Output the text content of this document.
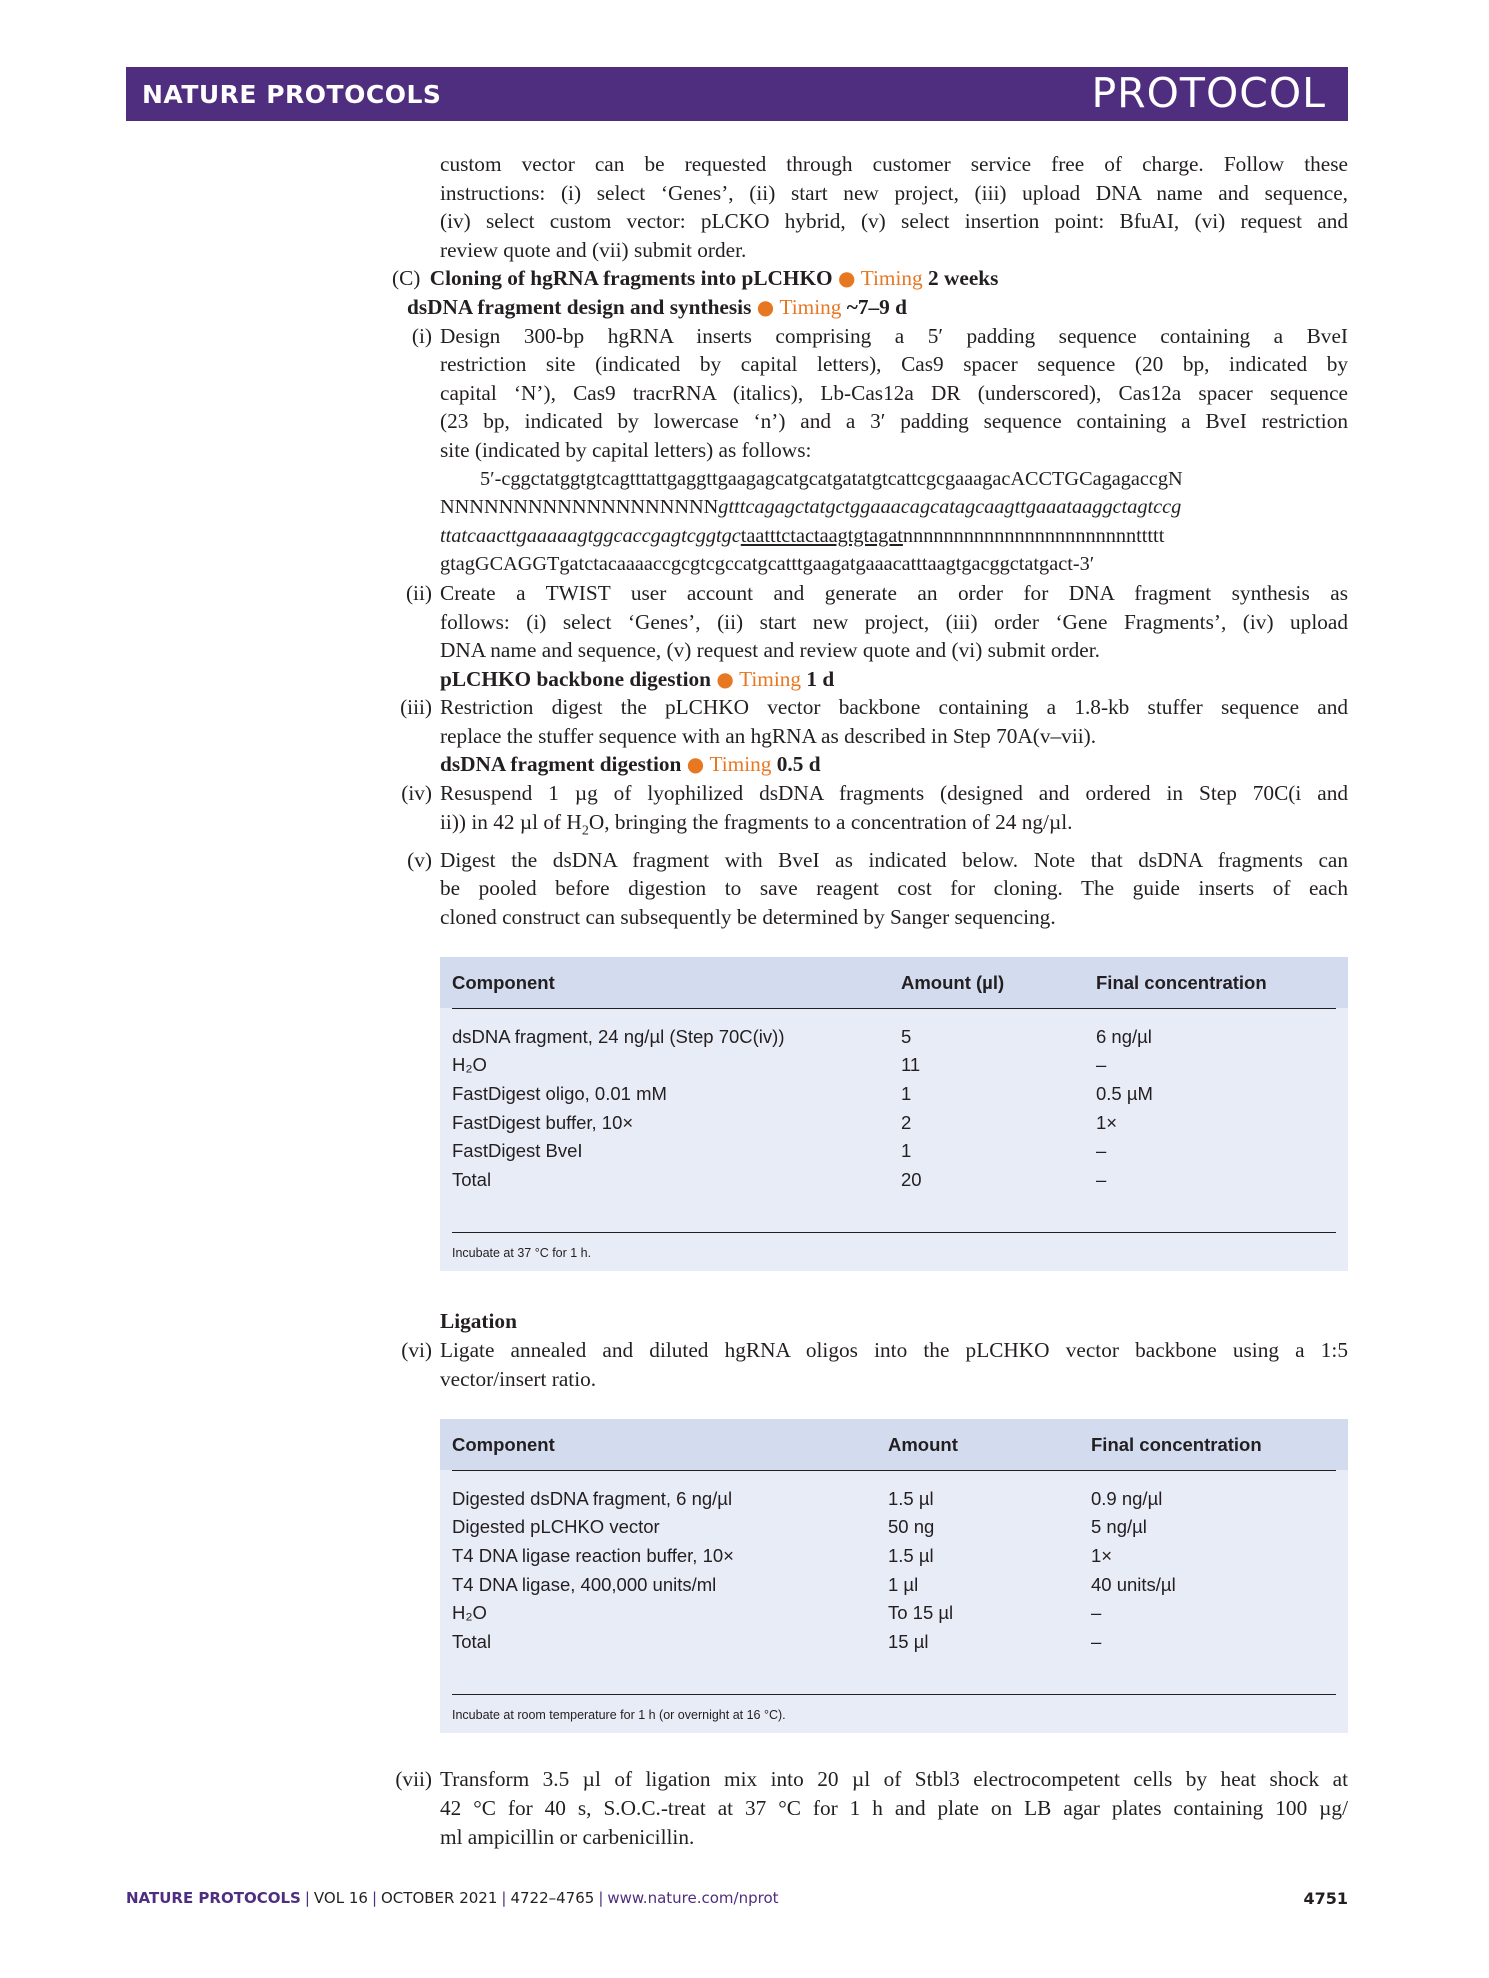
NATURE PROTOCOLS	PROTOCOL
custom vector can be requested through customer service free of charge. Follow these
instructions: (i) select ‘Genes’, (ii) start new project, (iii) upload DNA name and sequence,
(iv) select custom vector: pLCKO hybrid, (v) select insertion point: BfuAI, (vi) request and
review quote and (vii) submit order.
(C) Cloning of hgRNA fragments into pLCHKO ● Timing 2 weeks
dsDNA fragment design and synthesis ● Timing ~7–9 d
(i) Design 300-bp hgRNA inserts comprising a 5′ padding sequence containing a BveI
restriction site (indicated by capital letters), Cas9 spacer sequence (20 bp, indicated by
capital ‘N’), Cas9 tracrRNA (italics), Lb-Cas12a DR (underscored), Cas12a spacer sequence
(23 bp, indicated by lowercase ‘n’) and a 3′ padding sequence containing a BveI restriction
site (indicated by capital letters) as follows:
5′-cggctatggtgtcagtttattgaggttgaagagcatgcatgatatgtcattcgcgaaagacACCTGCagagaccgN
NNNNNNNNNNNNNNNNNNNgtttcagagctatgctggaaacagcatagcaagttgaaataaggctagtccg
ttatcaacttgaaaaagtggcaccgagtcggtgctaatttctactaagtgtagatnnnnnnnnnnnnnnnnnnnnnnnttttt
gtagGCAGGTgatctacaaaaccgcgtcgccatgcatttgaagatgaaacatttaagtgacggctatgact-3′
(ii) Create a TWIST user account and generate an order for DNA fragment synthesis as
follows: (i) select ‘Genes’, (ii) start new project, (iii) order ‘Gene Fragments’, (iv) upload
DNA name and sequence, (v) request and review quote and (vi) submit order.
pLCHKO backbone digestion ● Timing 1 d
(iii) Restriction digest the pLCHKO vector backbone containing a 1.8-kb stuffer sequence and
replace the stuffer sequence with an hgRNA as described in Step 70A(v–vii).
dsDNA fragment digestion ● Timing 0.5 d
(iv) Resuspend 1 µg of lyophilized dsDNA fragments (designed and ordered in Step 70C(i and
ii)) in 42 µl of $H_2O$, bringing the fragments to a concentration of 24 ng/µl.
(v) Digest the dsDNA fragment with BveI as indicated below. Note that dsDNA fragments can
be pooled before digestion to save reagent cost for cloning. The guide inserts of each
cloned construct can subsequently be determined by Sanger sequencing.
Component	Amount (µl)	Final concentration
dsDNA fragment, 24 ng/µl (Step 70C(iv))	5	6 ng/µl
H₂O	11	–
FastDigest oligo, 0.01 mM	1	0.5 µM
FastDigest buffer, 10×	2	1×
FastDigest BveI	1	–
Total	20	–
Incubate at 37 °C for 1 h.
Ligation
(vi) Ligate annealed and diluted hgRNA oligos into the pLCHKO vector backbone using a 1:5
vector/insert ratio.
Component	Amount	Final concentration
Digested dsDNA fragment, 6 ng/µl	1.5 µl	0.9 ng/µl
Digested pLCHKO vector	50 ng	5 ng/µl
T4 DNA ligase reaction buffer, 10×	1.5 µl	1×
T4 DNA ligase, 400,000 units/ml	1 µl	40 units/µl
H₂O	To 15 µl	–
Total	15 µl	–
Incubate at room temperature for 1 h (or overnight at 16 °C).
(vii) Transform 3.5 µl of ligation mix into 20 µl of Stbl3 electrocompetent cells by heat shock at
42 °C for 40 s, S.O.C.-treat at 37 °C for 1 h and plate on LB agar plates containing 100 µg/
ml ampicillin or carbenicillin.
NATURE PROTOCOLS | VOL 16 | OCTOBER 2021 | 4722–4765 | www.nature.com/nprot	4751
